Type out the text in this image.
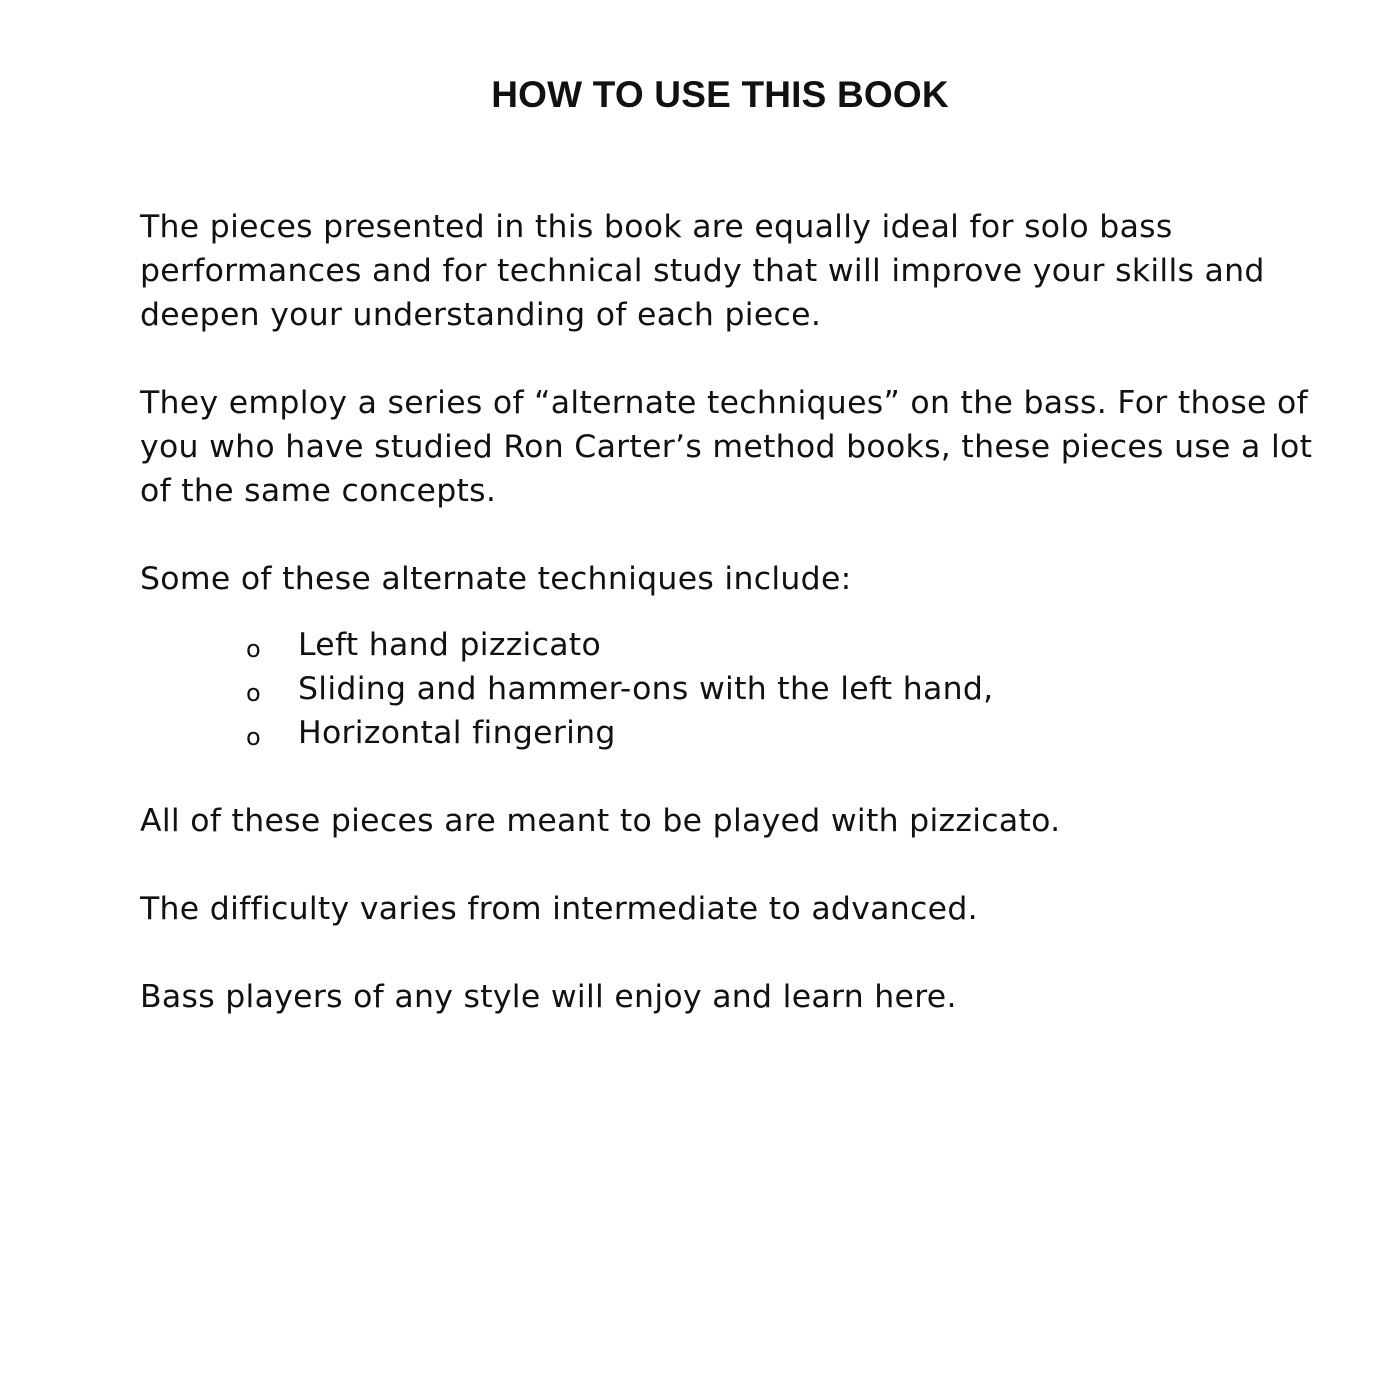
HOW TO USE THIS BOOK

The pieces presented in this book are equally ideal for solo bass performances and for technical study that will improve your skills and deepen your understanding of each piece.

They employ a series of “alternate techniques” on the bass. For those of you who have studied Ron Carter’s method books, these pieces use a lot of the same concepts.

Some of these alternate techniques include:

o Left hand pizzicato
o Sliding and hammer-ons with the left hand,
o Horizontal fingering

All of these pieces are meant to be played with pizzicato.

The difficulty varies from intermediate to advanced.

Bass players of any style will enjoy and learn here.
